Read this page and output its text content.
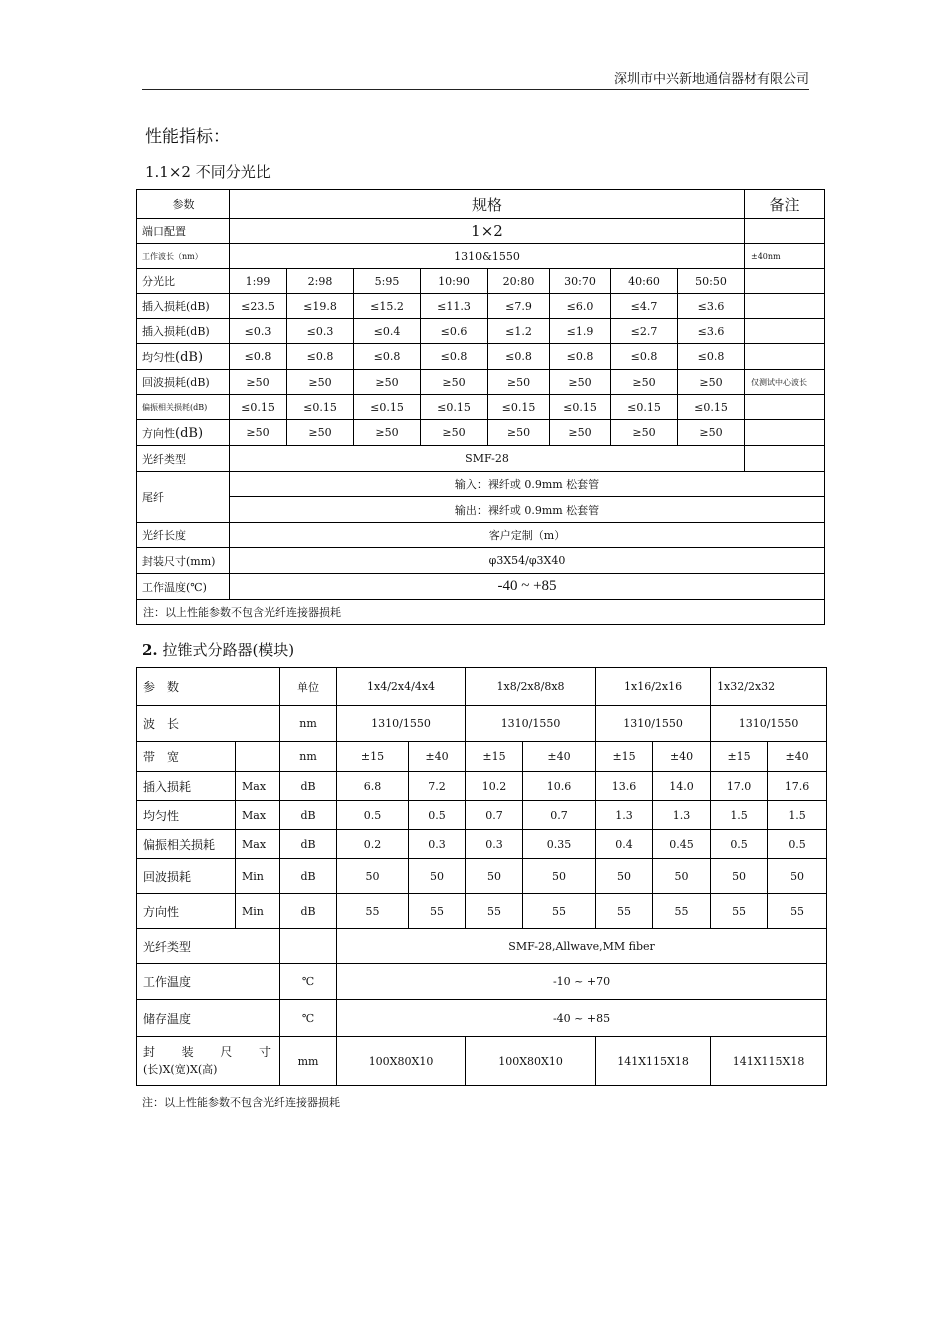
深圳市中兴新地通信器材有限公司
性能指标：
1.1×2 不同分光比
参数	规格								备注
端口配置	1×2								
工作波长（nm）	1310&1550								±40nm
分光比	1:99	2:98	5:95	10:90	20:80	30:70	40:60	50:50	
插入损耗(dB)	≤23.5	≤19.8	≤15.2	≤11.3	≤7.9	≤6.0	≤4.7	≤3.6	
插入损耗(dB)	≤0.3	≤0.3	≤0.4	≤0.6	≤1.2	≤1.9	≤2.7	≤3.6	
均匀性(dB)	≤0.8	≤0.8	≤0.8	≤0.8	≤0.8	≤0.8	≤0.8	≤0.8	
回波损耗(dB)	≥50	≥50	≥50	≥50	≥50	≥50	≥50	≥50	仅测试中心波长
偏振相关损耗(dB)	≤0.15	≤0.15	≤0.15	≤0.15	≤0.15	≤0.15	≤0.15	≤0.15	
方向性(dB)	≥50	≥50	≥50	≥50	≥50	≥50	≥50	≥50	
光纤类型	SMF-28								
尾纤	输入：裸纤或 0.9mm 松套管								
	输出：裸纤或 0.9mm 松套管								
光纤长度	客户定制（m）								
封装尺寸(mm)	φ3X54/φ3X40								
工作温度(℃)	-40 ~ +85								
注：以上性能参数不包含光纤连接器损耗									
2. 拉锥式分路器(模块)
参　数		单位	1x4/2x4/4x4		1x8/2x8/8x8		1x16/2x16		1x32/2x32	
波　长		nm	1310/1550		1310/1550		1310/1550		1310/1550	
带　宽		nm	±15	±40	±15	±40	±15	±40	±15	±40
插入损耗	Max	dB	6.8	7.2	10.2	10.6	13.6	14.0	17.0	17.6
均匀性	Max	dB	0.5	0.5	0.7	0.7	1.3	1.3	1.5	1.5
偏振相关损耗	Max	dB	0.2	0.3	0.3	0.35	0.4	0.45	0.5	0.5
回波损耗	Min	dB	50	50	50	50	50	50	50	50
方向性	Min	dB	55	55	55	55	55	55	55	55
光纤类型			SMF-28,Allwave,MM fiber							
工作温度		℃	-10 ~ +70							
储存温度		℃	-40 ~ +85							

封 装 尺 寸
(长)X(宽)X(高)		mm	100X80X10		100X80X10		141X115X18		141X115X18	
注：以上性能参数不包含光纤连接器损耗
